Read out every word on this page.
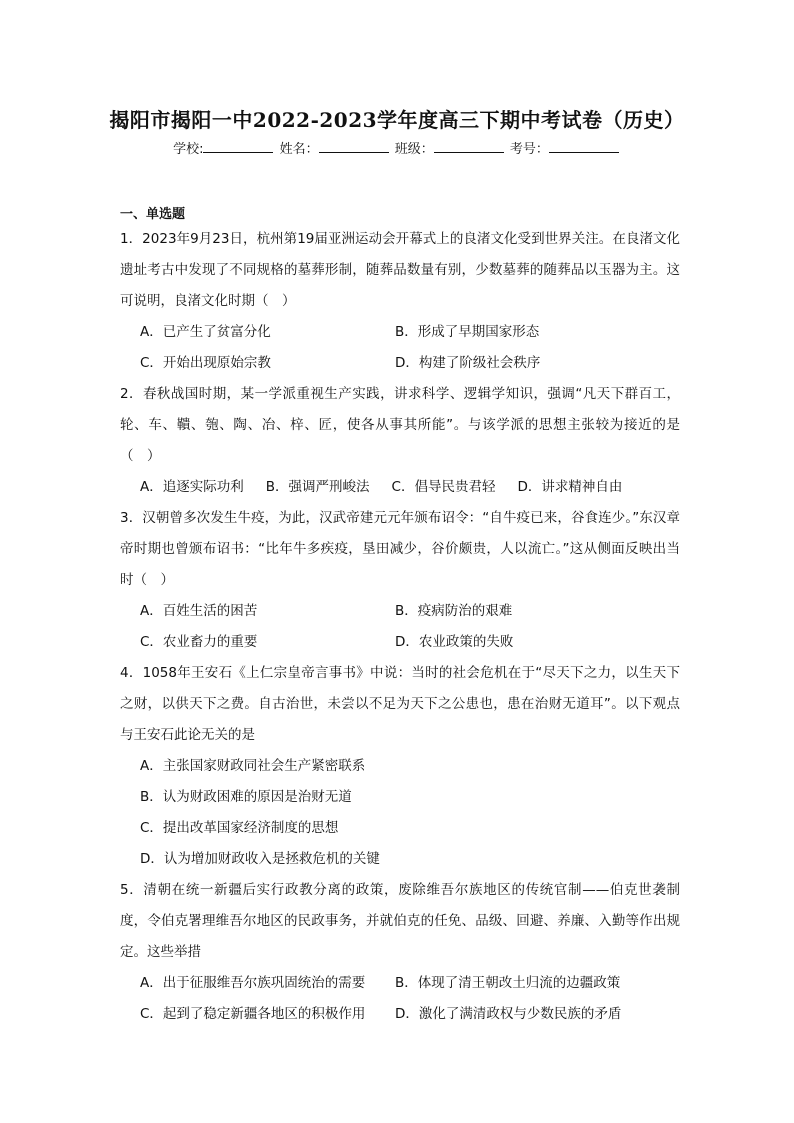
揭阳市揭阳一中2022-2023学年度高三下期中考试卷（历史）
学校:	姓名：	班级：	考号：
一、单选题
1．2023年9月23日，杭州第19届亚洲运动会开幕式上的良渚文化受到世界关注。在良渚文化遗址考古中发现了不同规格的墓葬形制，随葬品数量有别，少数墓葬的随葬品以玉器为主。这可说明，良渚文化时期（　）
A．已产生了贫富分化	B．形成了早期国家形态
C．开始出现原始宗教	D．构建了阶级社会秩序
2．春秋战国时期，某一学派重视生产实践，讲求科学、逻辑学知识，强调“凡天下群百工，轮、车、鞼、匏、陶、冶、梓、匠，使各从事其所能”。与该学派的思想主张较为接近的是（　）
A．追逐实际功利 B．强调严刑峻法 C．倡导民贵君轻 D．讲求精神自由
3．汉朝曾多次发生牛疫，为此，汉武帝建元元年颁布诏令：“自牛疫已来，谷食连少。”东汉章帝时期也曾颁布诏书：“比年牛多疾疫，垦田减少，谷价颇贵，人以流亡。”这从侧面反映出当时（　）
A．百姓生活的困苦	B．疫病防治的艰难
C．农业畜力的重要	D．农业政策的失败
4．1058年王安石《上仁宗皇帝言事书》中说：当时的社会危机在于“尽天下之力，以生天下之财，以供天下之费。自古治世，未尝以不足为天下之公患也，患在治财无道耳”。以下观点与王安石此论无关的是
A．主张国家财政同社会生产紧密联系
B．认为财政困难的原因是治财无道
C．提出改革国家经济制度的思想
D．认为增加财政收入是拯救危机的关键
5．清朝在统一新疆后实行政教分离的政策，废除维吾尔族地区的传统官制——伯克世袭制度，令伯克署理维吾尔地区的民政事务，并就伯克的任免、品级、回避、养廉、入勤等作出规定。这些举措
A．出于征服维吾尔族巩固统治的需要	B．体现了清王朝改土归流的边疆政策
C．起到了稳定新疆各地区的积极作用	D．激化了满清政权与少数民族的矛盾
